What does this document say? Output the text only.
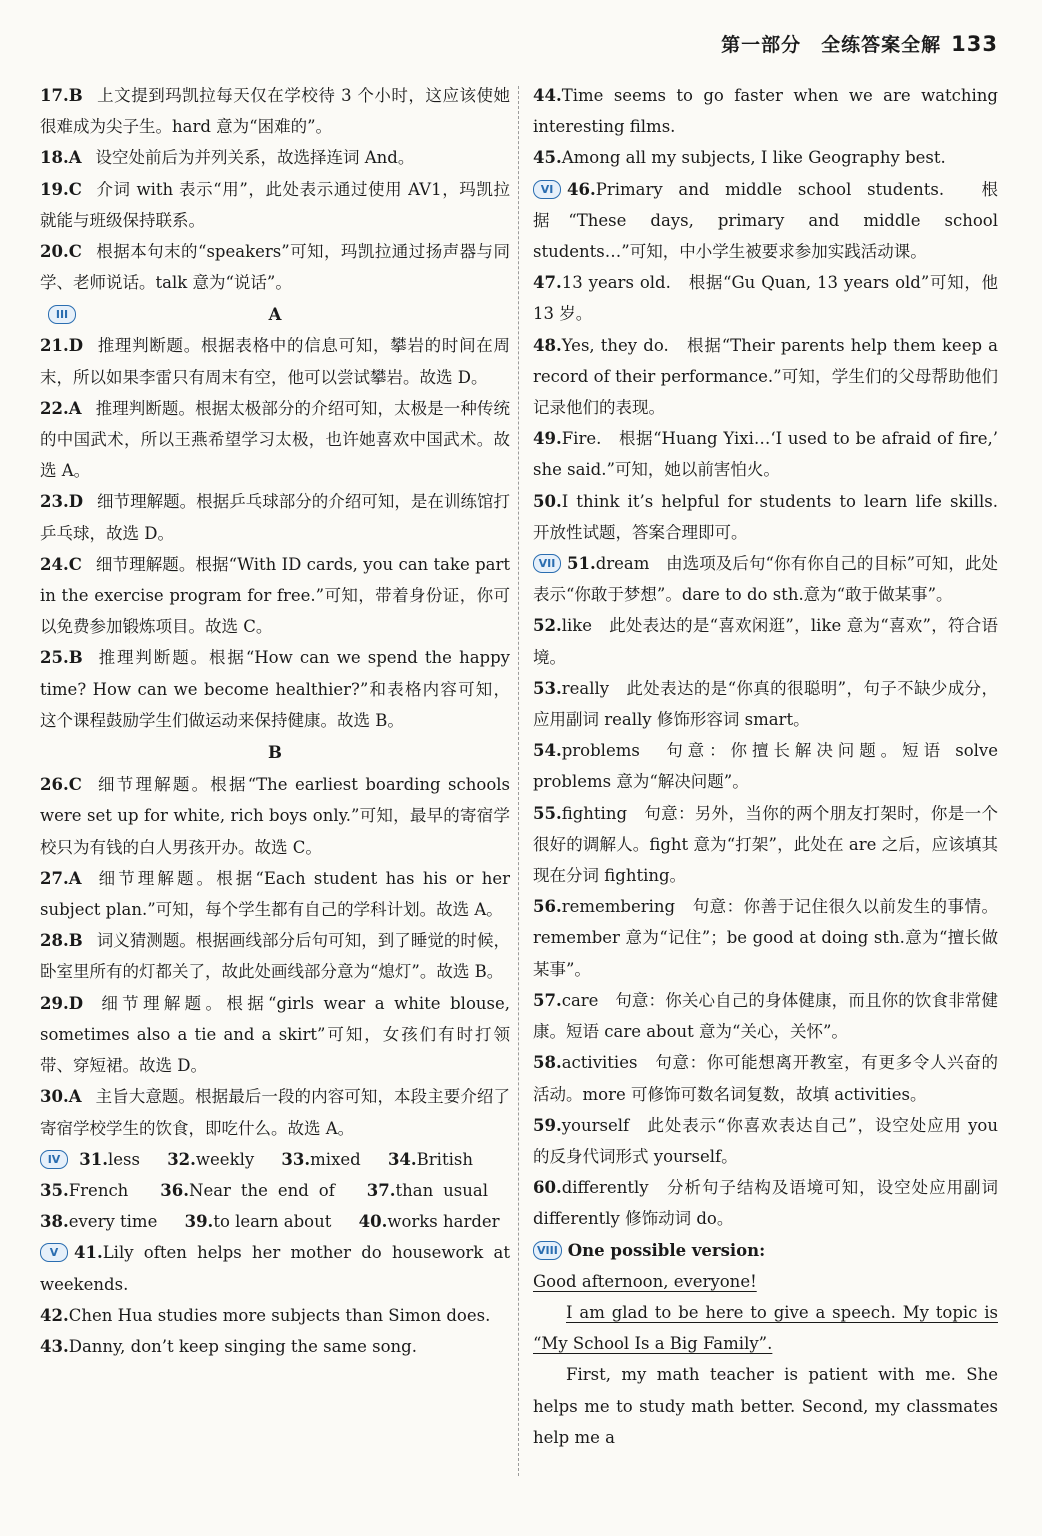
第一部分　全练答案全解 133

17.B 上文提到玛凯拉每天仅在学校待 3 个小时，这应该使她很难成为尖子生。hard 意为“困难的”。

18.A 设空处前后为并列关系，故选择连词 And。

19.C 介词 with 表示“用”，此处表示通过使用 AV1，玛凯拉就能与班级保持联系。

20.C 根据本句末的“speakers”可知，玛凯拉通过扬声器与同学、老师说话。talk 意为“说话”。

III	A

21.D 推理判断题。根据表格中的信息可知，攀岩的时间在周末，所以如果李雷只有周末有空，他可以尝试攀岩。故选 D。

22.A 推理判断题。根据太极部分的介绍可知，太极是一种传统的中国武术，所以王燕希望学习太极，也许她喜欢中国武术。故选 A。

23.D 细节理解题。根据乒乓球部分的介绍可知，是在训练馆打乒乓球，故选 D。

24.C 细节理解题。根据“With ID cards, you can take part in the exercise program for free.”可知，带着身份证，你可以免费参加锻炼项目。故选 C。

25.B 推理判断题。根据“How can we spend the happy time? How can we become healthier?”和表格内容可知，这个课程鼓励学生们做运动来保持健康。故选 B。

B

26.C 细节理解题。根据“The earliest boarding schools were set up for white, rich boys only.”可知，最早的寄宿学校只为有钱的白人男孩开办。故选 C。

27.A 细节理解题。根据“Each student has his or her subject plan.”可知，每个学生都有自己的学科计划。故选 A。

28.B 词义猜测题。根据画线部分后句可知，到了睡觉的时候，卧室里所有的灯都关了，故此处画线部分意为“熄灯”。故选 B。

29.D 细节理解题。根据“girls wear a white blouse, sometimes also a tie and a skirt”可知，女孩们有时打领带、穿短裙。故选 D。

30.A 主旨大意题。根据最后一段的内容可知，本段主要介绍了寄宿学校学生的饮食，即吃什么。故选 A。

IV 31.less 32.weekly 33.mixed 34.British
35.French 36.Near the end of 37.than usual 38.every time 39.to learn about 40.works harder

V 41.Lily often helps her mother do housework at weekends.

42.Chen Hua studies more subjects than Simon does.

43.Danny, don’t keep singing the same song.

44.Time seems to go faster when we are watching interesting films.

45.Among all my subjects, I like Geography best.

VI 46.Primary and middle school students.　根据“These days, primary and middle school students…”可知，中小学生被要求参加实践活动课。

47.13 years old.　根据“Gu Quan, 13 years old”可知，他 13 岁。

48.Yes, they do.　根据“Their parents help them keep a record of their performance.”可知，学生们的父母帮助他们记录他们的表现。

49.Fire.　根据“Huang Yixi…‘I used to be afraid of fire,’ she said.”可知，她以前害怕火。

50.I think it’s helpful for students to learn life skills.　开放性试题，答案合理即可。

VII 51.dream　由选项及后句“你有你自己的目标”可知，此处表示“你敢于梦想”。dare to do sth.意为“敢于做某事”。

52.like　此处表达的是“喜欢闲逛”，like 意为“喜欢”，符合语境。

53.really　此处表达的是“你真的很聪明”，句子不缺少成分，应用副词 really 修饰形容词 smart。

54.problems　句意：你擅长解决问题。短语 solve problems 意为“解决问题”。

55.fighting　句意：另外，当你的两个朋友打架时，你是一个很好的调解人。fight 意为“打架”，此处在 are 之后，应该填其现在分词 fighting。

56.remembering　句意：你善于记住很久以前发生的事情。remember 意为“记住”；be good at doing sth.意为“擅长做某事”。

57.care　句意：你关心自己的身体健康，而且你的饮食非常健康。短语 care about 意为“关心，关怀”。

58.activities　句意：你可能想离开教室，有更多令人兴奋的活动。more 可修饰可数名词复数，故填 activities。

59.yourself　此处表示“你喜欢表达自己”，设空处应用 you 的反身代词形式 yourself。

60.differently　分析句子结构及语境可知，设空处应用副词 differently 修饰动词 do。

VIII One possible version:

Good afternoon, everyone!

I am glad to be here to give a speech. My topic is “My School Is a Big Family”.

First, my math teacher is patient with me. She helps me to study math better. Second, my classmates help me a
